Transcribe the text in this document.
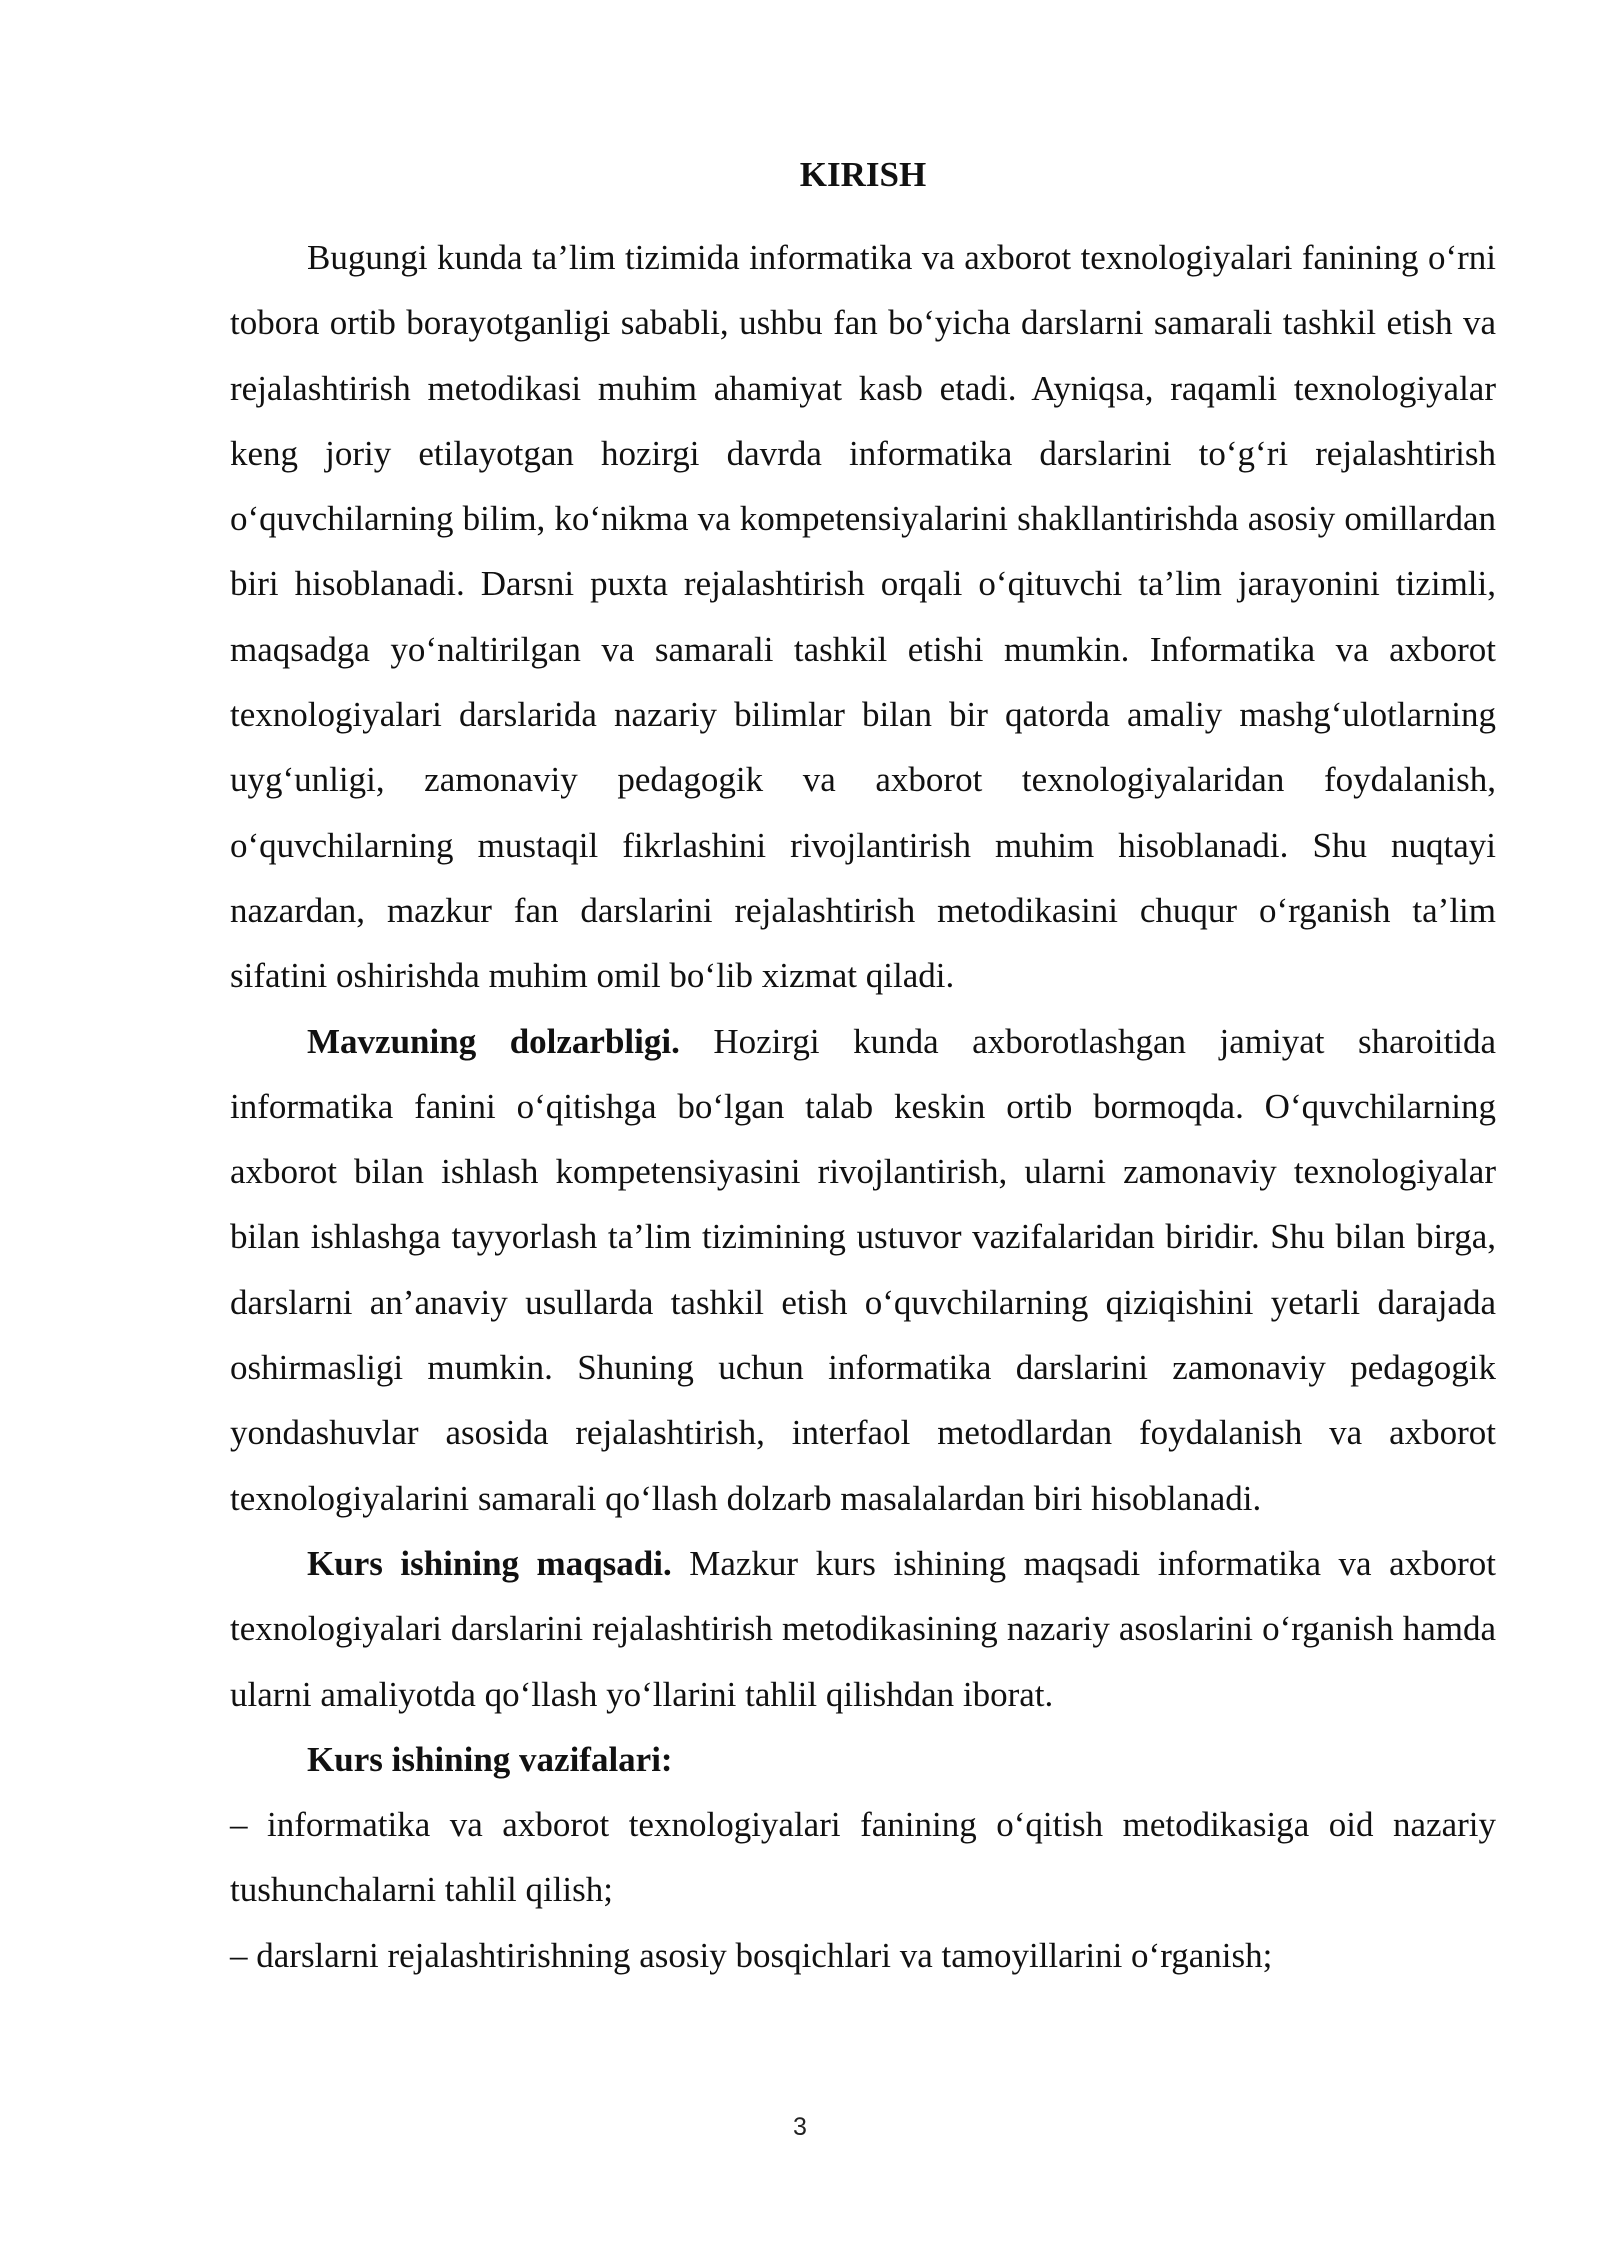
KIRISH

Bugungi kunda ta’lim tizimida informatika va axborot texnologiyalari fanining o‘rni tobora ortib borayotganligi sababli, ushbu fan bo‘yicha darslarni samarali tashkil etish va rejalashtirish metodikasi muhim ahamiyat kasb etadi. Ayniqsa, raqamli texnologiyalar keng joriy etilayotgan hozirgi davrda informatika darslarini to‘g‘ri rejalashtirish o‘quvchilarning bilim, ko‘nikma va kompetensiyalarini shakllantirishda asosiy omillardan biri hisoblanadi. Darsni puxta rejalashtirish orqali o‘qituvchi ta’lim jarayonini tizimli, maqsadga yo‘naltirilgan va samarali tashkil etishi mumkin. Informatika va axborot texnologiyalari darslarida nazariy bilimlar bilan bir qatorda amaliy mashg‘ulotlarning uyg‘unligi, zamonaviy pedagogik va axborot texnologiyalaridan foydalanish, o‘quvchilarning mustaqil fikrlashini rivojlantirish muhim hisoblanadi. Shu nuqtayi nazardan, mazkur fan darslarini rejalashtirish metodikasini chuqur o‘rganish ta’lim sifatini oshirishda muhim omil bo‘lib xizmat qiladi.

Mavzuning dolzarbligi. Hozirgi kunda axborotlashgan jamiyat sharoitida informatika fanini o‘qitishga bo‘lgan talab keskin ortib bormoqda. O‘quvchilarning axborot bilan ishlash kompetensiyasini rivojlantirish, ularni zamonaviy texnologiyalar bilan ishlashga tayyorlash ta’lim tizimining ustuvor vazifalaridan biridir. Shu bilan birga, darslarni an’anaviy usullarda tashkil etish o‘quvchilarning qiziqishini yetarli darajada oshirmasligi mumkin. Shuning uchun informatika darslarini zamonaviy pedagogik yondashuvlar asosida rejalashtirish, interfaol metodlardan foydalanish va axborot texnologiyalarini samarali qo‘llash dolzarb masalalardan biri hisoblanadi.

Kurs ishining maqsadi. Mazkur kurs ishining maqsadi informatika va axborot texnologiyalari darslarini rejalashtirish metodikasining nazariy asoslarini o‘rganish hamda ularni amaliyotda qo‘llash yo‘llarini tahlil qilishdan iborat.

Kurs ishining vazifalari:

– informatika va axborot texnologiyalari fanining o‘qitish metodikasiga oid nazariy tushunchalarni tahlil qilish;

– darslarni rejalashtirishning asosiy bosqichlari va tamoyillarini o‘rganish;

3
